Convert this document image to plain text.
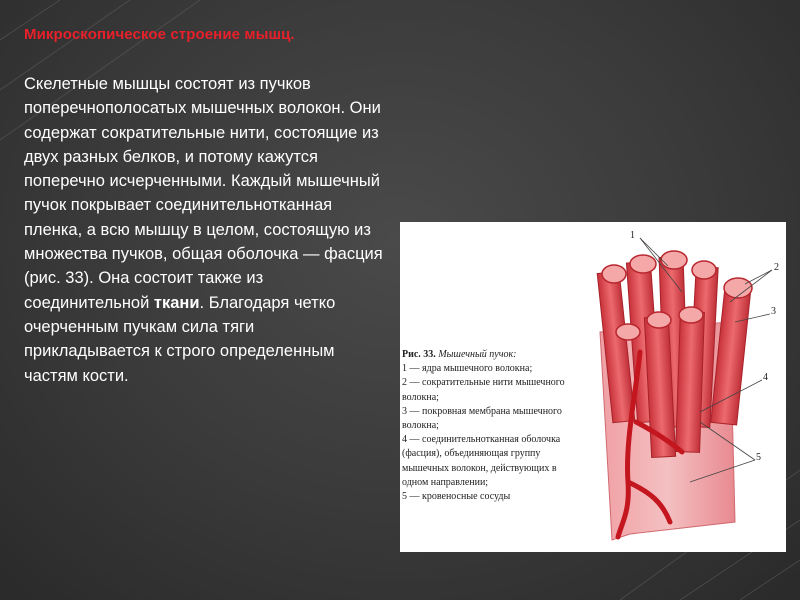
Микроскопическое строение мышц.
Скелетные мышцы состоят из пучков поперечнополосатых мышечных волокон. Они содержат сократительные нити, состоящие из двух разных белков, и потому кажутся поперечно исчерченными. Каждый мышечный пучок покрывает соединительнотканная пленка, а всю мышцу в целом, состоящую из множества пучков, общая оболочка — фасция (рис. 33). Она состоит также из соединительной ткани. Благодаря четко очерченным пучкам сила тяги прикладывается к строго определенным частям кости.
1
2
3
4
5
Рис. 33. Мышечный пучок:
1 — ядра мышечного волокна;
2 — сократительные нити мышечного волокна;
3 — покровная мембрана мышечного волокна;
4 — соединительнотканная оболочка (фасция), объединяющая группу мышечных волокон, действующих в одном направлении;
5 — кровеносные сосуды
